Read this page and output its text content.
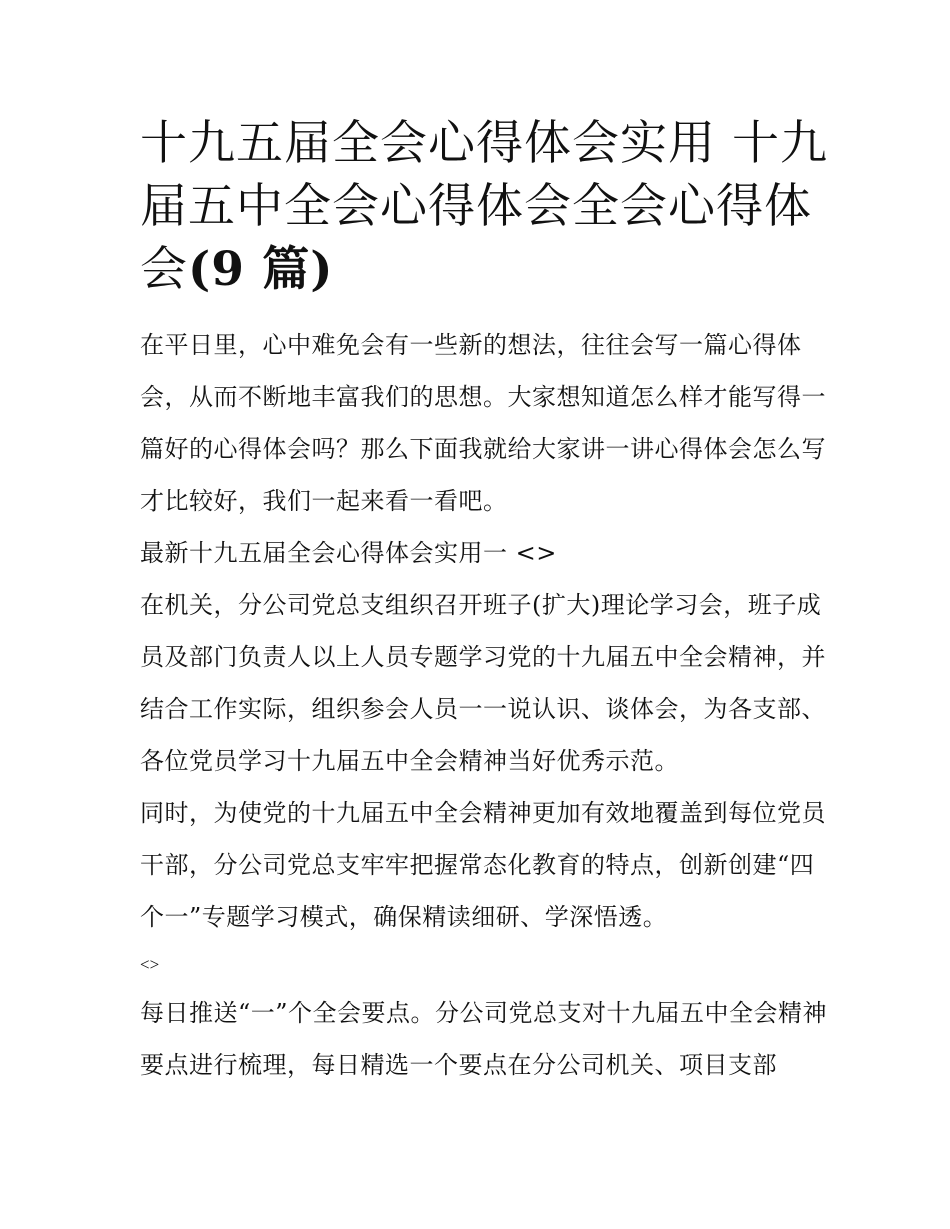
十九五届全会心得体会实用 十九届五中全会心得体会全会心得体会(9 篇)

在平日里，心中难免会有一些新的想法，往往会写一篇心得体会，从而不断地丰富我们的思想。大家想知道怎么样才能写得一篇好的心得体会吗？那么下面我就给大家讲一讲心得体会怎么写才比较好，我们一起来看一看吧。

最新十九五届全会心得体会实用一 <>

在机关，分公司党总支组织召开班子(扩大)理论学习会，班子成员及部门负责人以上人员专题学习党的十九届五中全会精神，并结合工作实际，组织参会人员一一说认识、谈体会，为各支部、各位党员学习十九届五中全会精神当好优秀示范。

同时，为使党的十九届五中全会精神更加有效地覆盖到每位党员干部，分公司党总支牢牢把握常态化教育的特点，创新创建“四个一”专题学习模式，确保精读细研、学深悟透。

<>

每日推送“一”个全会要点。分公司党总支对十九届五中全会精神要点进行梳理，每日精选一个要点在分公司机关、项目支部
